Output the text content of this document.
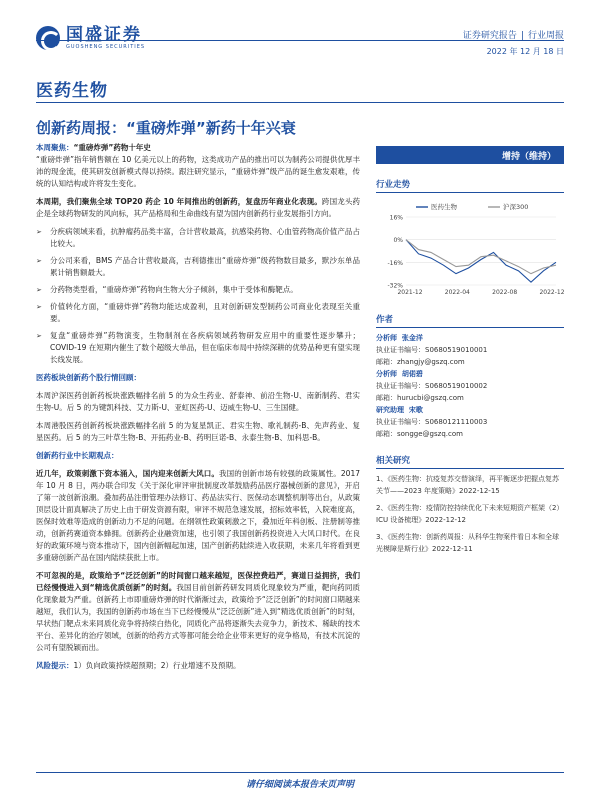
国盛证券
GUOSHENG SECURITIES
证券研究报告 | 行业周报
2022 年 12 月 18 日
医药生物
创新药周报：“重磅炸弹”新药十年兴衰

本周聚焦：“重磅炸弹”药物十年史
“重磅炸弹”指年销售额在 10 亿美元以上的药物，这类成功产品的推出可以为制药公司提供优厚丰沛的现金流，使其研发创新模式得以持续。跟注研究显示，“重磅炸弹”级产品的诞生愈发艰难，传统的认知结构或许将发生变化。

本周期，我们聚焦全球 TOP20 药企 10 年间推出的创新药，复盘历年商业化表现。跨国龙头药企是全球药物研发的风向标，其产品格局和生命曲线有望为国内创新药行业发展指引方向。

➢ 分疾病领域来看，抗肿瘤药品类丰富，合计营收最高，抗感染药物、心血管药物高价值产品占比较大。
➢ 分公司来看，BMS 产品合计营收最高，吉利德推出“重磅炸弹”级药物数目最多，默沙东单品累计销售额最大。
➢ 分药物类型看，“重磅炸弹”药物向生物大分子倾斜，集中于受体和酶靶点。
➢ 价值转化方面，“重磅炸弹”药物均能达成盈利，且对创新研发型制药公司商业化表现至关重要。
➢ 复盘“重磅炸弹”药物演变，生物制剂在各疾病领域药物研发应用中的重要性逐步攀升；COVID-19 在短期内催生了数个超级大单品，但在临床布局中持续深耕的优势品种更有望实现长线发展。
医药板块创新药个股行情回顾：

本周沪深医药创新药板块涨跌幅排名前 5 的为众生药业、舒泰神、前沿生物-U、南新制药、君实生物-U。后 5 的为键凯科技、艾力斯-U、亚虹医药-U、迈威生物-U、三生国健。

本周港股医药创新药板块涨跌幅排名前 5 的为复星凯正、君实生物、歌礼制药-B、先声药业、复星医药。后 5 的为三叶草生物-B、开拓药业-B、药明巨诺-B、永泰生物-B、加科思-B。

创新药行业中长期观点：

近几年，政策刺激下资本涌入，国内迎来创新大风口。我国的创新市场有较强的政策属性。2017 年 10 月 8 日，两办联合印发《关于深化审评审批制度改革鼓励药品医疗器械创新的意见》，开启了第一波创新浪潮。叠加药品注册管理办法修订、药品法实行、医保动态调整机制等出台，从政策顶层设计面真解决了历史上由于研发资源有限，审评不规范急速发展，招标效率低，入院难度高，医保时效难等造成的创新动力不足的问题。在纲领性政策刺激之下，叠加近年科创板、注册制等推动，创新药赛道资本蜂拥。创新药企业融资加速，也引领了我国创新药投资进入大风口时代。在良好的政策环境与资本推动下，国内创新幅起加速，国产创新药陆续进入收获期，未来几年将看到更多重磅创新产品在国内陆续获批上市。

不可忽视的是，政策给予“泛泛创新”的时间窗口越来越短，医保控费趋严，赛道日益拥挤，我们已经慢慢进入到“精选优质创新”的时刻。我国目前创新药研发同质化现象较为严重，靶向药同质化现象最为严重。创新药上市即重磅炸弹的时代渐渐过去，政策给予“泛泛创新”的时间窗口期越来越短，我们认为，我国的创新药市场在当下已经慢慢从“泛泛创新”进入到“精选优质创新”的时刻，早状热门靶点未来同质化竞争将持续白热化，同质化产品将逐渐失去竞争力，新技术、稀缺的技术平台、差异化的治疗领域，创新的给药方式等都可能会给企业带来更好的竞争格局，有技术沉淀的公司有望脱颖而出。

风险提示：1）负向政策持续超预期；2）行业增速不及预期。

增持（维持）
行业走势
16%
0%
-16%
-32%
2021-12	2022-04	2022-08	2022-12
医药生物	沪深300
作者
分析师 张金洋
执业证书编号：S0680519010001
邮箱：zhangjy@gszq.com
分析师 胡偌碧
执业证书编号：S0680519010002
邮箱：hurucbi@gszq.com
研究助理 宋歌
执业证书编号：S0680121110003
邮箱：songge@gszq.com
相关研究
1、《医药生物：抗疫复苏交替演绎，再平衡逐步把握点复苏关节——2023 年度策略》2022-12-15
2、《医药生物：疫情防控持续优化下未来短期资产框架（2）ICU 设备梳理》2022-12-12
3、《医药生物：创新药周报：从科华生物案件看日本和全球光模障是斯行业》2022-12-11
请仔细阅读本报告末页声明
